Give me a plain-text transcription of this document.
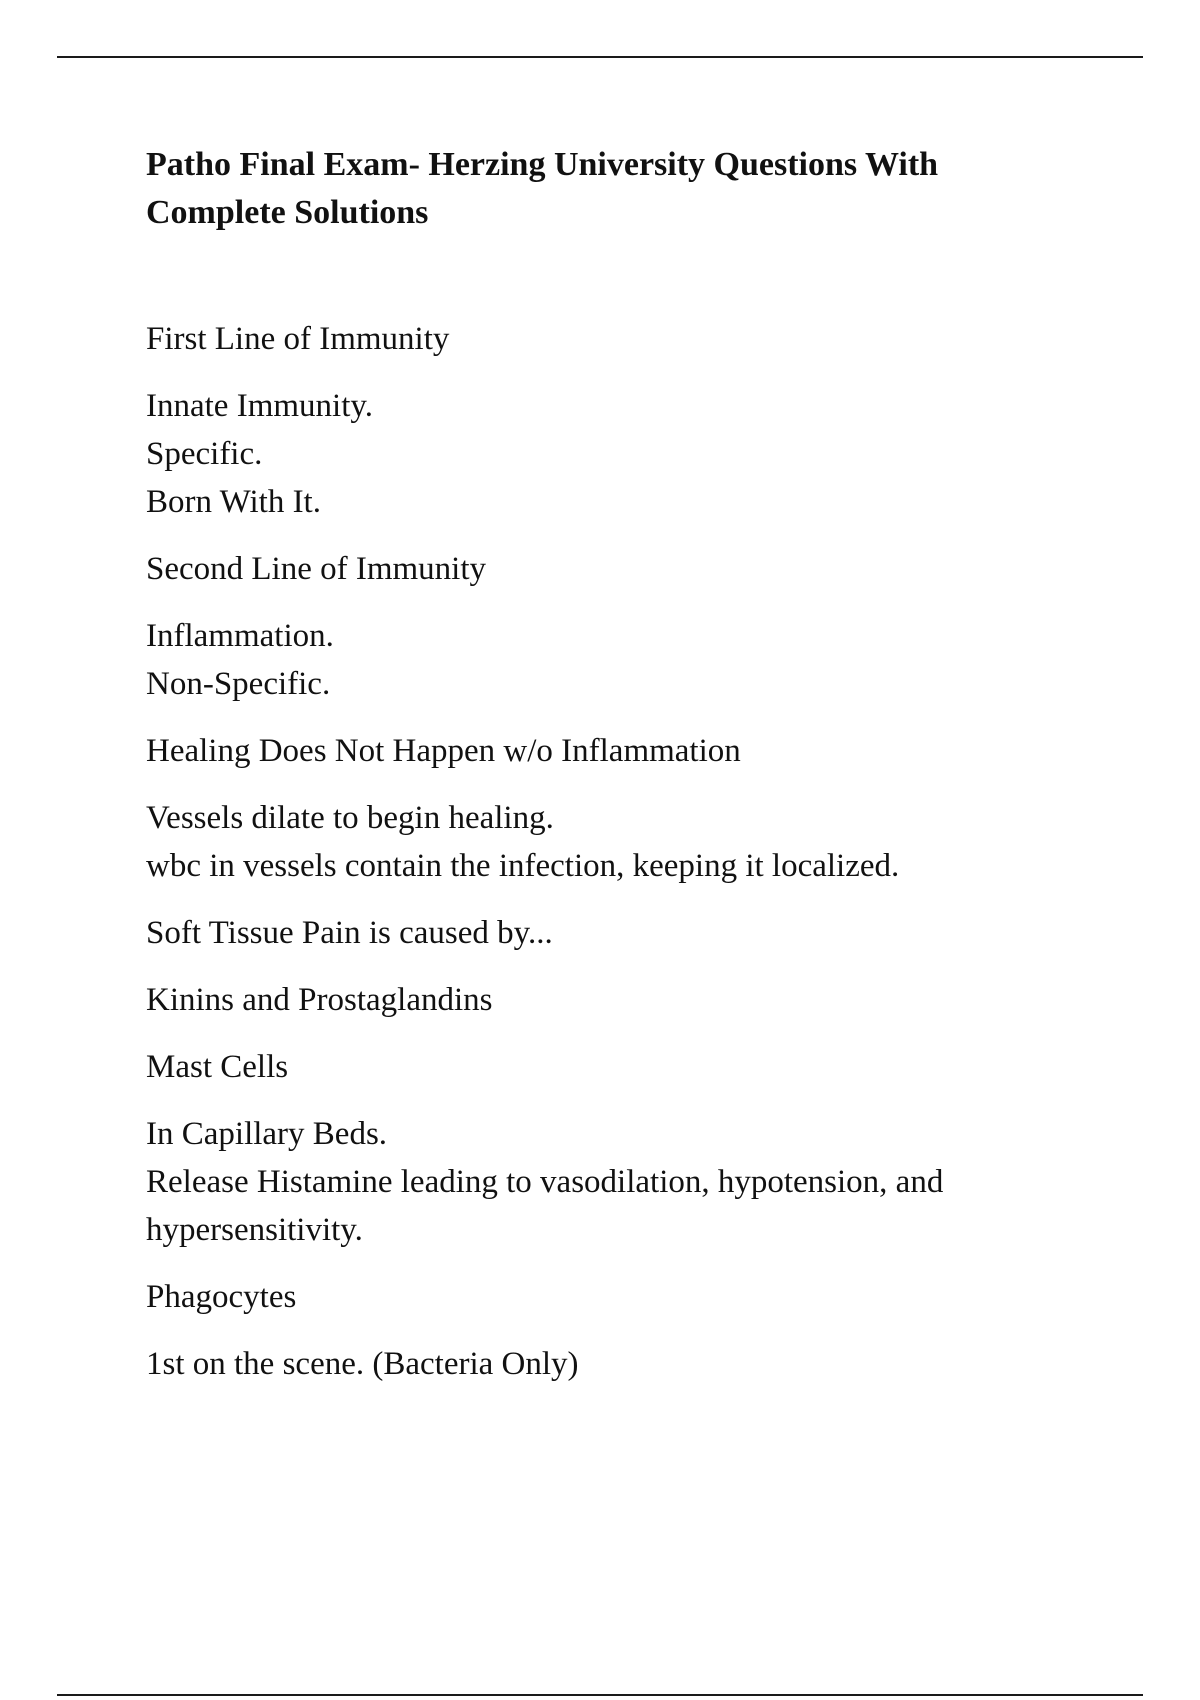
Patho Final Exam- Herzing University Questions With
Complete Solutions

First Line of Immunity

Innate Immunity.
Specific.
Born With It.

Second Line of Immunity

Inflammation.
Non-Specific.

Healing Does Not Happen w/o Inflammation

Vessels dilate to begin healing.
wbc in vessels contain the infection, keeping it localized.

Soft Tissue Pain is caused by...

Kinins and Prostaglandins

Mast Cells

In Capillary Beds.
Release Histamine leading to vasodilation, hypotension, and
hypersensitivity.

Phagocytes

1st on the scene. (Bacteria Only)
